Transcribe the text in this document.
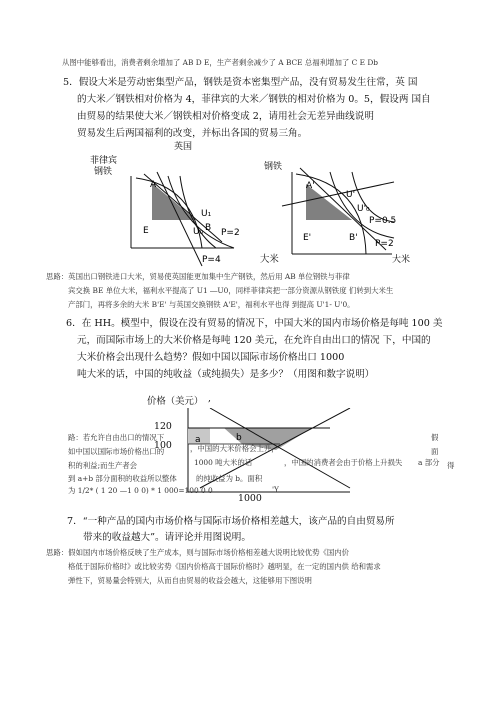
从图中能够看出，消费者剩余增加了 AB D E，生产者剩余减少了 A BCE 总福利增加了 C E Db
5．假设大米是劳动密集型产品，钢铁是资本密集型产品，没有贸易发生往常，英 国
的大米／钢铁相对价格为 4，菲律宾的大米／钢铁的相对价格为 0。5，假设两 国自
由贸易的结果使大米／钢铁相对价格变成 2，请用社会无差异曲线说明
贸易发生后两国福利的改变，并标出各国的贸易三角。
英国
菲律宾
钢铁
A
E	B
U₁
U₀ P=2
P=4
钢铁
A'
U'
U'₀
E'	B'
P=0.5
P=2
大米
大米
思路：英国出口钢铁进口大米，贸易使英国能更加集中生产钢铁，然后用 AB 单位钢铁与菲律
宾交换 BE 单位大米，福利水平提高了 U1 ―U0，同样菲律宾把一部分资源从钢铁度 们转到大米生
产部门，再将多余的大米 B'E' 与英国交换钢铁 A'E'，福利水平也得 到提高 U'1- U'0。
6．在 HH。模型中，假设在没有贸易的情况下，中国大米的国内市场价格是每吨 100 美
元，而国际市场上的大米价格是每吨 120 美元，在允许自由出口的情况 下，中国的
大米价格会出现什么趋势？假如中国以国际市场价格出口 1000
吨大米的话，中国的纯收益（或纯损失）是多少？（用图和数字说明）
价格（美元） ,
120
100	a	b
1000
路：若允许自由出口的情况下	假
如中国以国际市场价格出口的	，中国的大米价格会上升，	面
积的利益;而生产者会	1000 吨大米的话	，中国的消费者会由于价格上升损失 a 部分 得
到 a+b 部分面积的收益所以整体	的纯收益为 b。面积
为 1/2* ( 1 20 —1 0 0) * 1 000=100 0 0	'Y
7．“一种产品的国内市场价格与国际市场价格相差越大，该产品的自由贸易所
带来的收益越大”。请评论并用图说明。
思路：假如国内市场价格反映了生产成本，则与国际市场价格相差越大说明比较优势《国内价
格低于国际价格时》或比较劣势《国内价格高于国际价格时》越明显，在一定的国内供 给和需求
弹性下，贸易量会特别大，从而自由贸易的收益会越大，这能够用下图说明
